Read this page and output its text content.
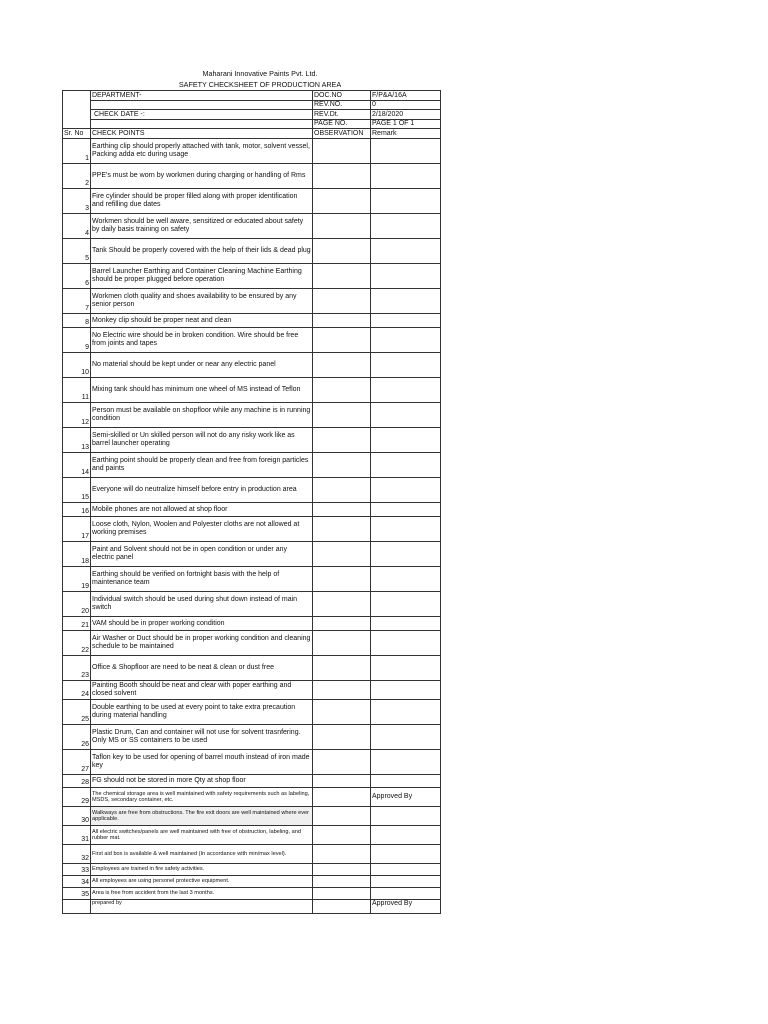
Maharani Innovative Paints Pvt. Ltd.
SAFETY CHECKSHEET OF PRODUCTION AREA
	DEPARTMENT-	DOC.NO	F/P&A/16A
		REV.NO.	0
	CHECK DATE -:	REV.Dt.	2/18/2020
		PAGE NO.	PAGE 1 OF 1
Sr. No	CHECK POINTS	OBSERVATION	Remark
1	Earthing clip should properly attached with tank, motor, solvent vessel, Packing adda etc during usage		
2	PPE's must be worn by workmen during charging or handling of Rms		
3	Fire cylinder should be proper filled along with proper identification and refilling due dates		
4	Workmen should be well aware, sensitized or educated about safety by daily basis training on safety		
5	Tank Should be properly covered with the help of their lids & dead plug		
6	Barrel Launcher Earthing and Container Cleaning Machine Earthing should be proper plugged before operation		
7	Workmen cloth quality and shoes availability to be ensured by any senior person		
8	Monkey clip should be proper neat and clean		
9	No Electric wire should be in broken condition. Wire should be free from joints and tapes		
10	No material should be kept under or near any electric panel		
11	Mixing tank should has minimum one wheel of MS instead of Teflon		
12	Person must be available on shopfloor while any machine is in running condition		
13	Semi-skilled or Un skilled person will not do any risky work like as barrel launcher operating		
14	Earthing point should be properly clean and free from foreign particles and paints		
15	Everyone will do neutralize himself before entry in production area		
16	Mobile phones are not allowed at shop floor		
17	Loose cloth, Nylon, Woolen and Polyester cloths are not allowed at working premises		
18	Paint and Solvent should not be in open condition or under any electric panel		
19	Earthing should be verified on fortnight basis with the help of maintenance team		
20	Individual switch should be used during shut down instead of main switch		
21	VAM should be in proper working condition		
22	Air Washer or Duct should be in proper working condition and cleaning schedule to be maintained		
23	Office & Shopfloor are need to be neat & clean or dust free		
24	Painting Booth should be neat and clear with poper earthing and closed solvent		
25	Double earthing to be used at every point to take extra precaution during material handling		
26	Plastic Drum, Can and container will not use for solvent trasnfering. Only MS or SS containers to be used		
27	Taflon key to be used for opening of barrel mouth instead of iron made key		
28	FG should not be stored in more Qty at shop floor		
29	The chemical storage area is well maintained with safety requirements such as labeling, MSDS, secondary container, etc.		Approved By
30	Walkways are free from obstructions. The fire exit doors are well maintained where ever applicable.		
31	All electric switches/panels are well maintained with free of obstruction, labeling, and rubber mat.		
32	First aid box is available & well maintained (In accordance with min/max level).		
33	Employees are trained in fire safety activities.		
34	All employees are using personel protective equipment.		
35	Area is free from accident from the last 3 months.		
	prepared by		Approved By
